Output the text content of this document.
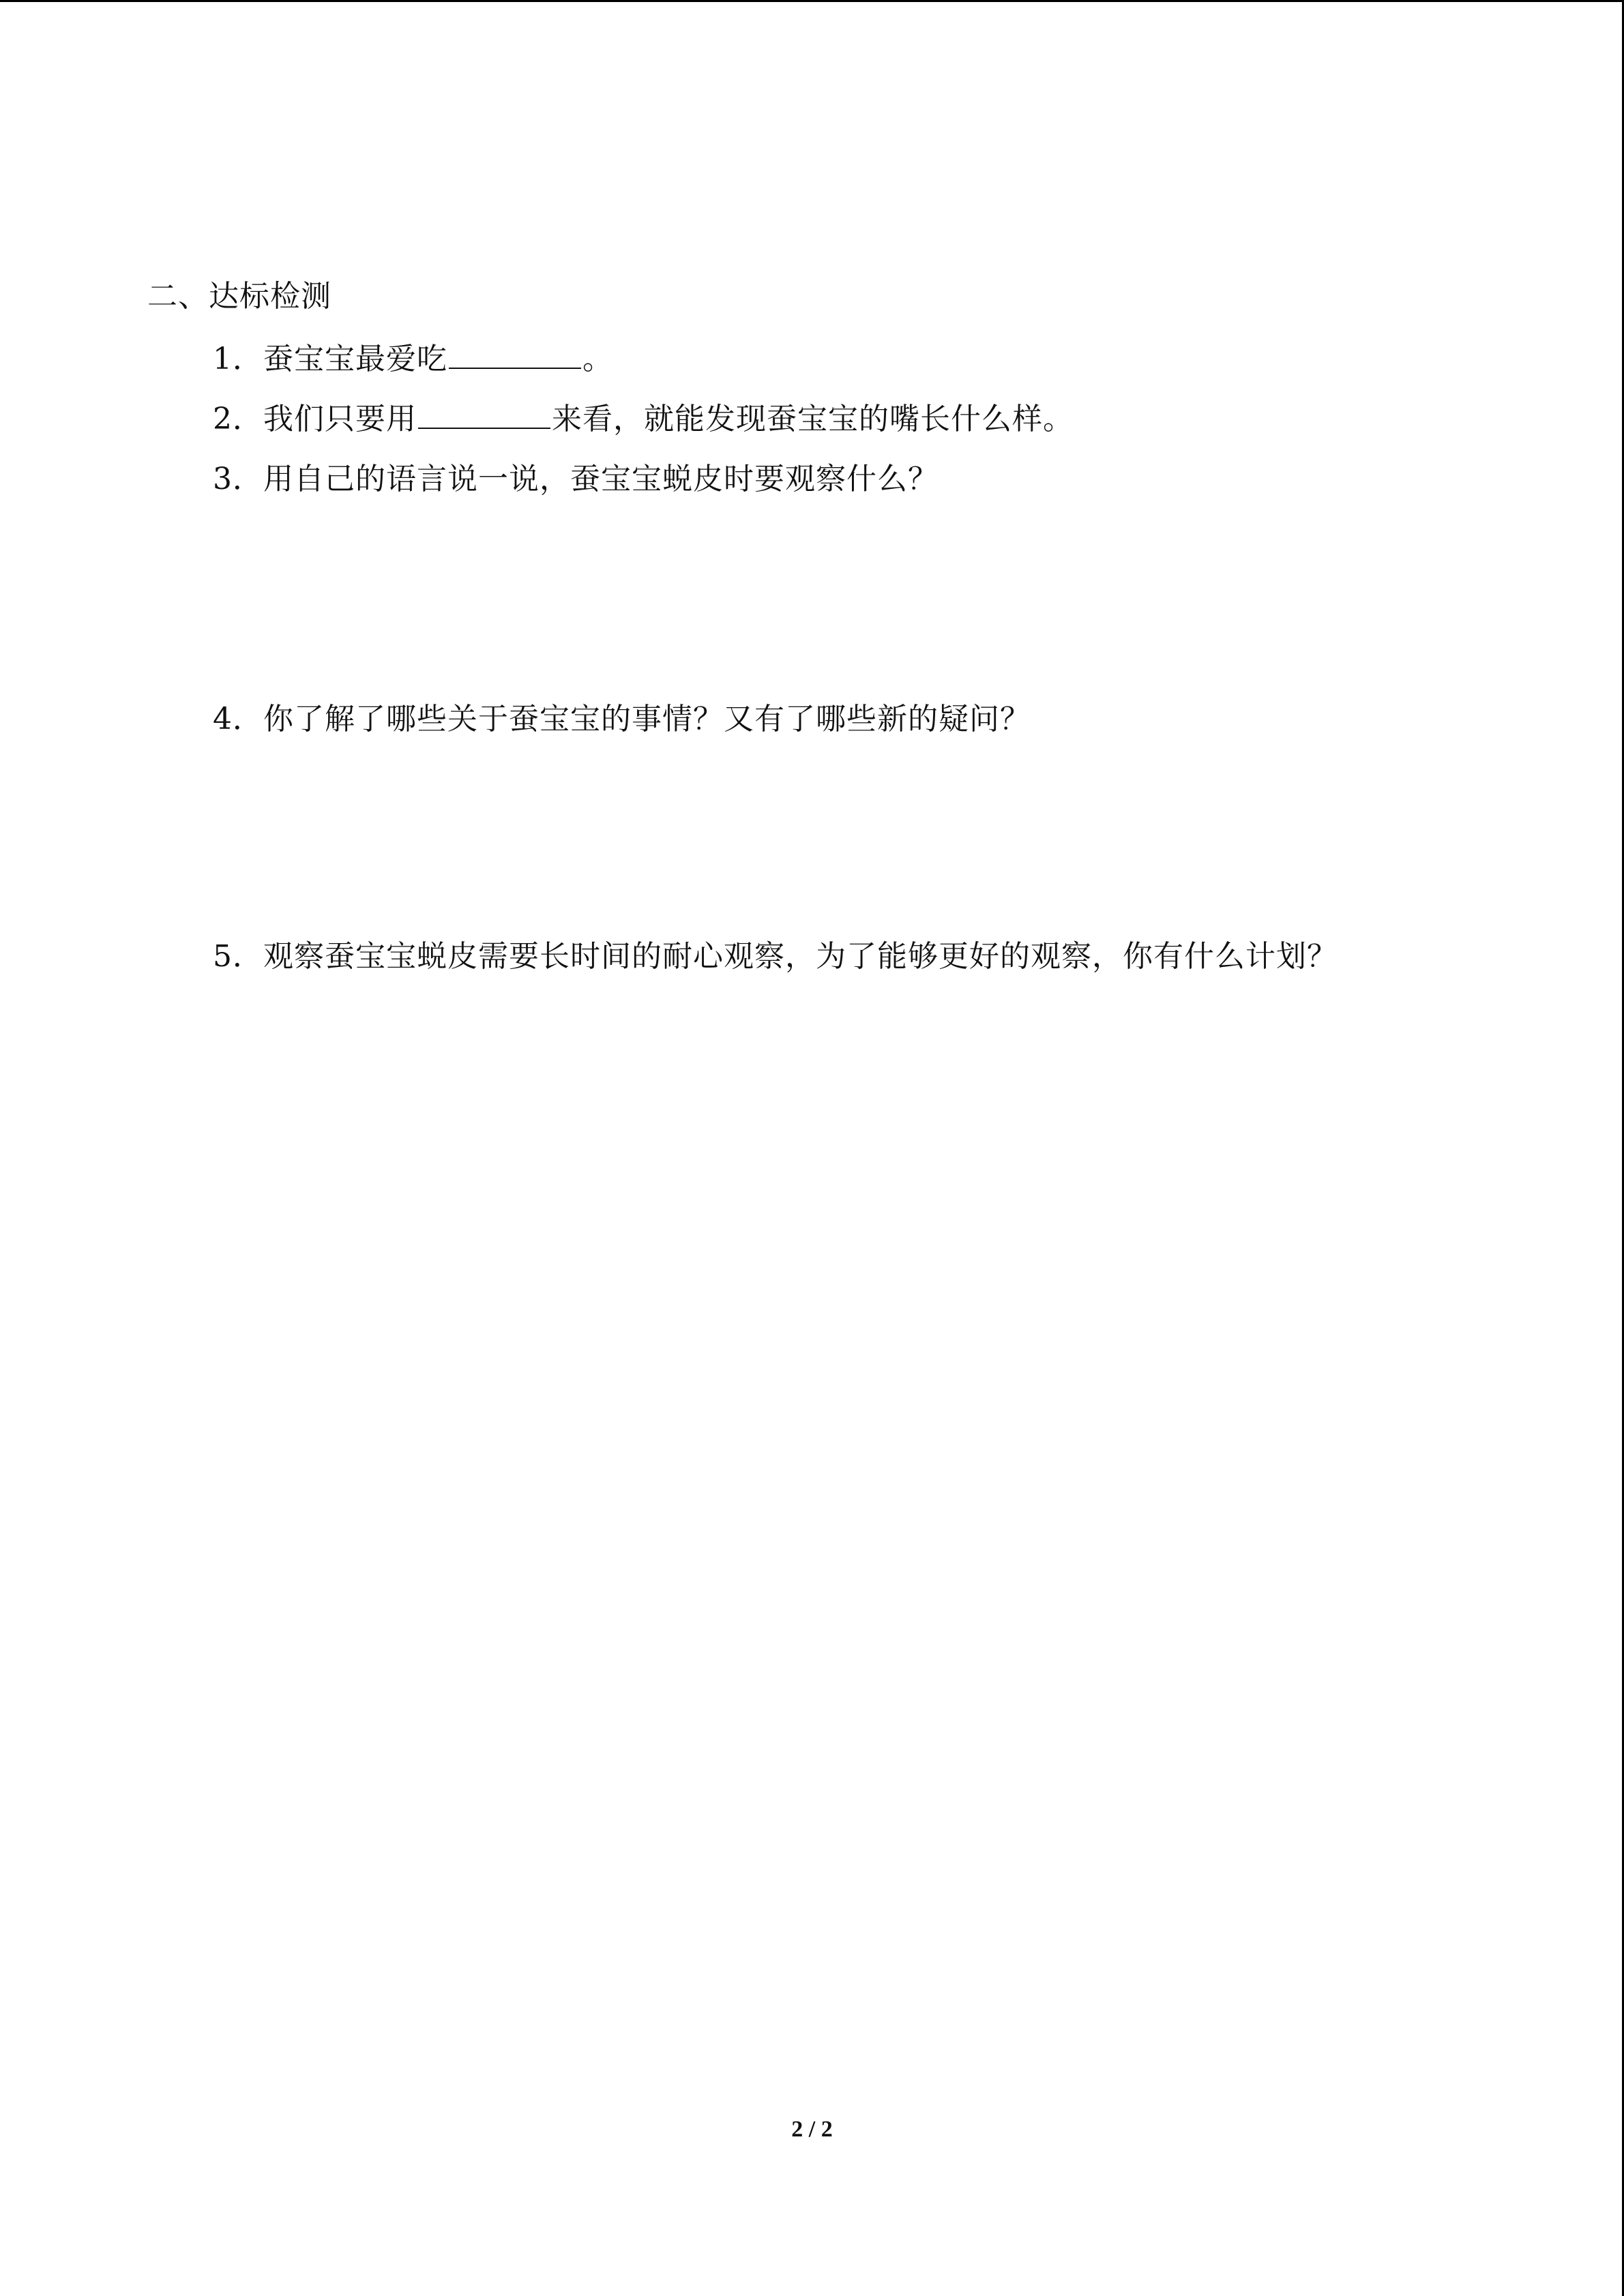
二、达标检测
1．蚕宝宝最爱吃	。
2．我们只要用	来看，就能发现蚕宝宝的嘴长什么样。
3．用自己的语言说一说，蚕宝宝蜕皮时要观察什么？
4．你了解了哪些关于蚕宝宝的事情？又有了哪些新的疑问？
5．观察蚕宝宝蜕皮需要长时间的耐心观察，为了能够更好的观察，你有什么计划？
2 / 2
